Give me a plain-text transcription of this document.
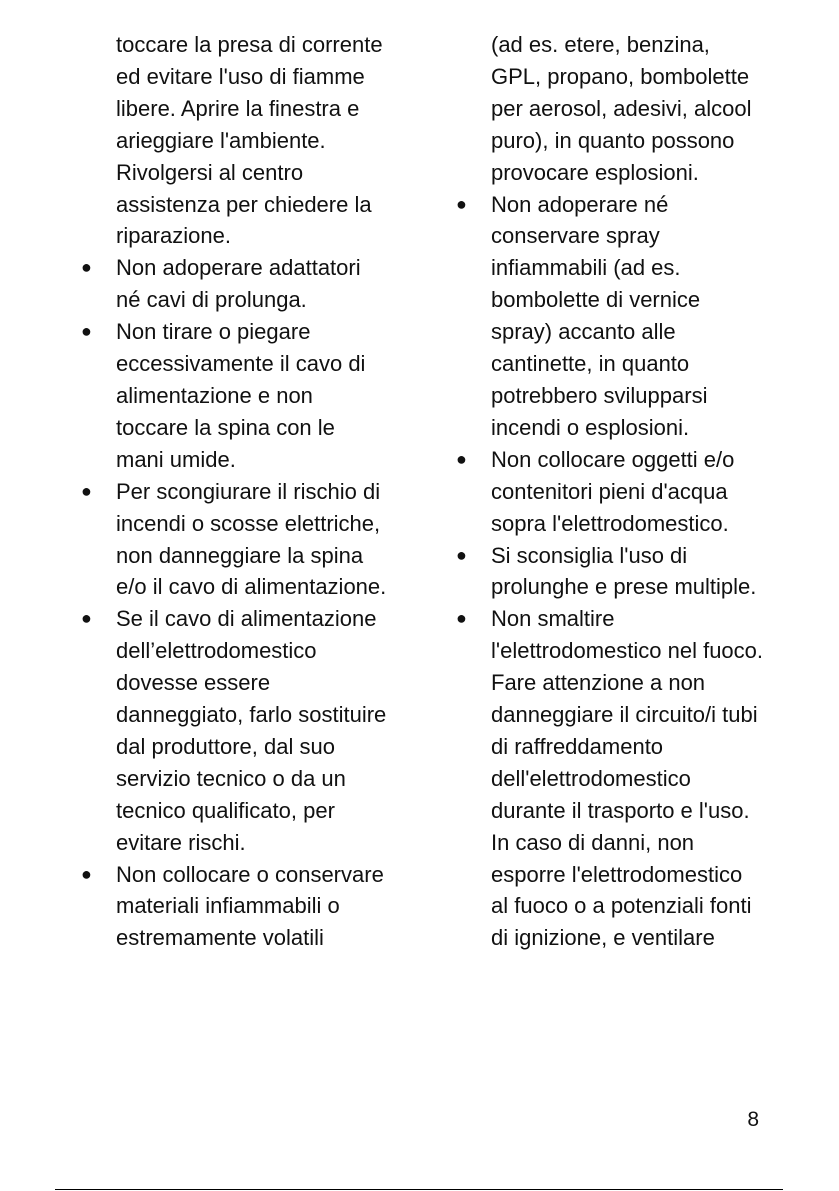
toccare la presa di corrente ed evitare l'uso di fiamme libere. Aprire la finestra e arieggiare l'ambiente. Rivolgersi al centro assistenza per chiedere la riparazione.

● Non adoperare adattatori né cavi di prolunga.

● Non tirare o piegare eccessivamente il cavo di alimentazione e non toccare la spina con le mani umide.

● Per scongiurare il rischio di incendi o scosse elettriche, non danneggiare la spina e/o il cavo di alimentazione.

● Se il cavo di alimentazione dell’elettrodomestico dovesse essere danneggiato, farlo sostituire dal produttore, dal suo servizio tecnico o da un tecnico qualificato, per evitare rischi.

● Non collocare o conservare materiali infiammabili o estremamente volatili

(ad es. etere, benzina, GPL, propano, bombolette per aerosol, adesivi, alcool puro), in quanto possono provocare esplosioni.

● Non adoperare né conservare spray infiammabili (ad es. bombolette di vernice spray) accanto alle cantinette, in quanto potrebbero svilupparsi incendi o esplosioni.

● Non collocare oggetti e/o contenitori pieni d'acqua sopra l'elettrodomestico.

● Si sconsiglia l'uso di prolunghe e prese multiple.

● Non smaltire l'elettrodomestico nel fuoco. Fare attenzione a non danneggiare il circuito/i tubi di raffreddamento dell'elettrodomestico durante il trasporto e l'uso. In caso di danni, non esporre l'elettrodomestico al fuoco o a potenziali fonti di ignizione, e ventilare

8
